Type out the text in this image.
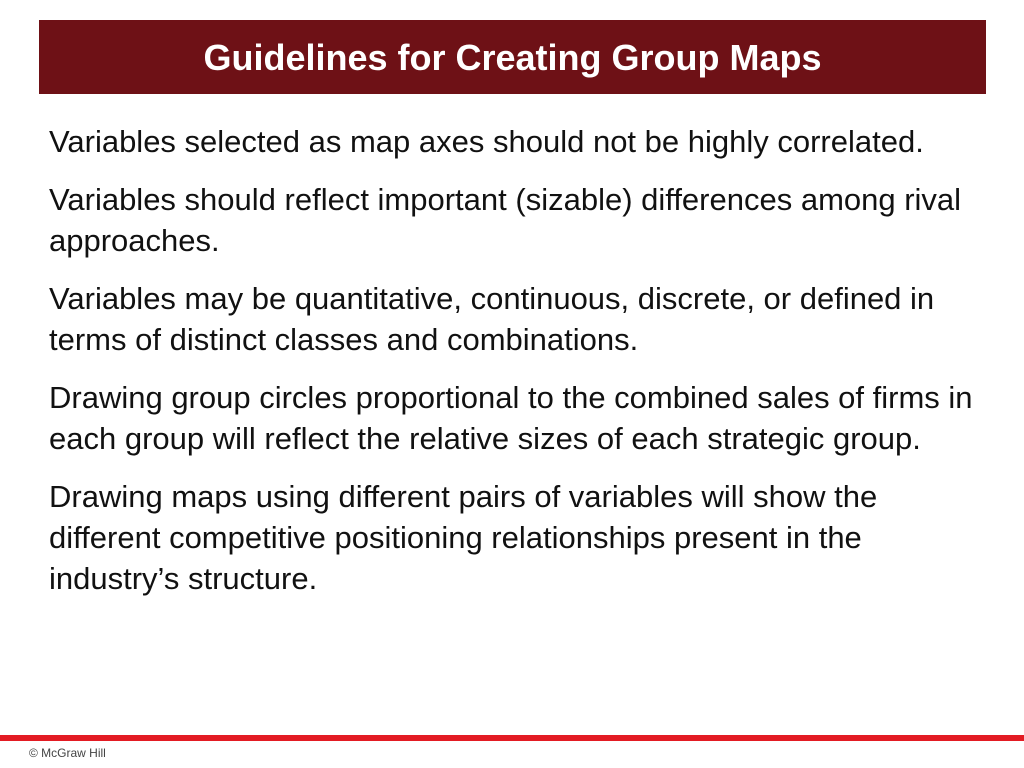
Guidelines for Creating Group Maps

Variables selected as map axes should not be highly correlated.

Variables should reflect important (sizable) differences among rival approaches.

Variables may be quantitative, continuous, discrete, or defined in terms of distinct classes and combinations.

Drawing group circles proportional to the combined sales of firms in each group will reflect the relative sizes of each strategic group.

Drawing maps using different pairs of variables will show the different competitive positioning relationships present in the industry’s structure.

© McGraw Hill
